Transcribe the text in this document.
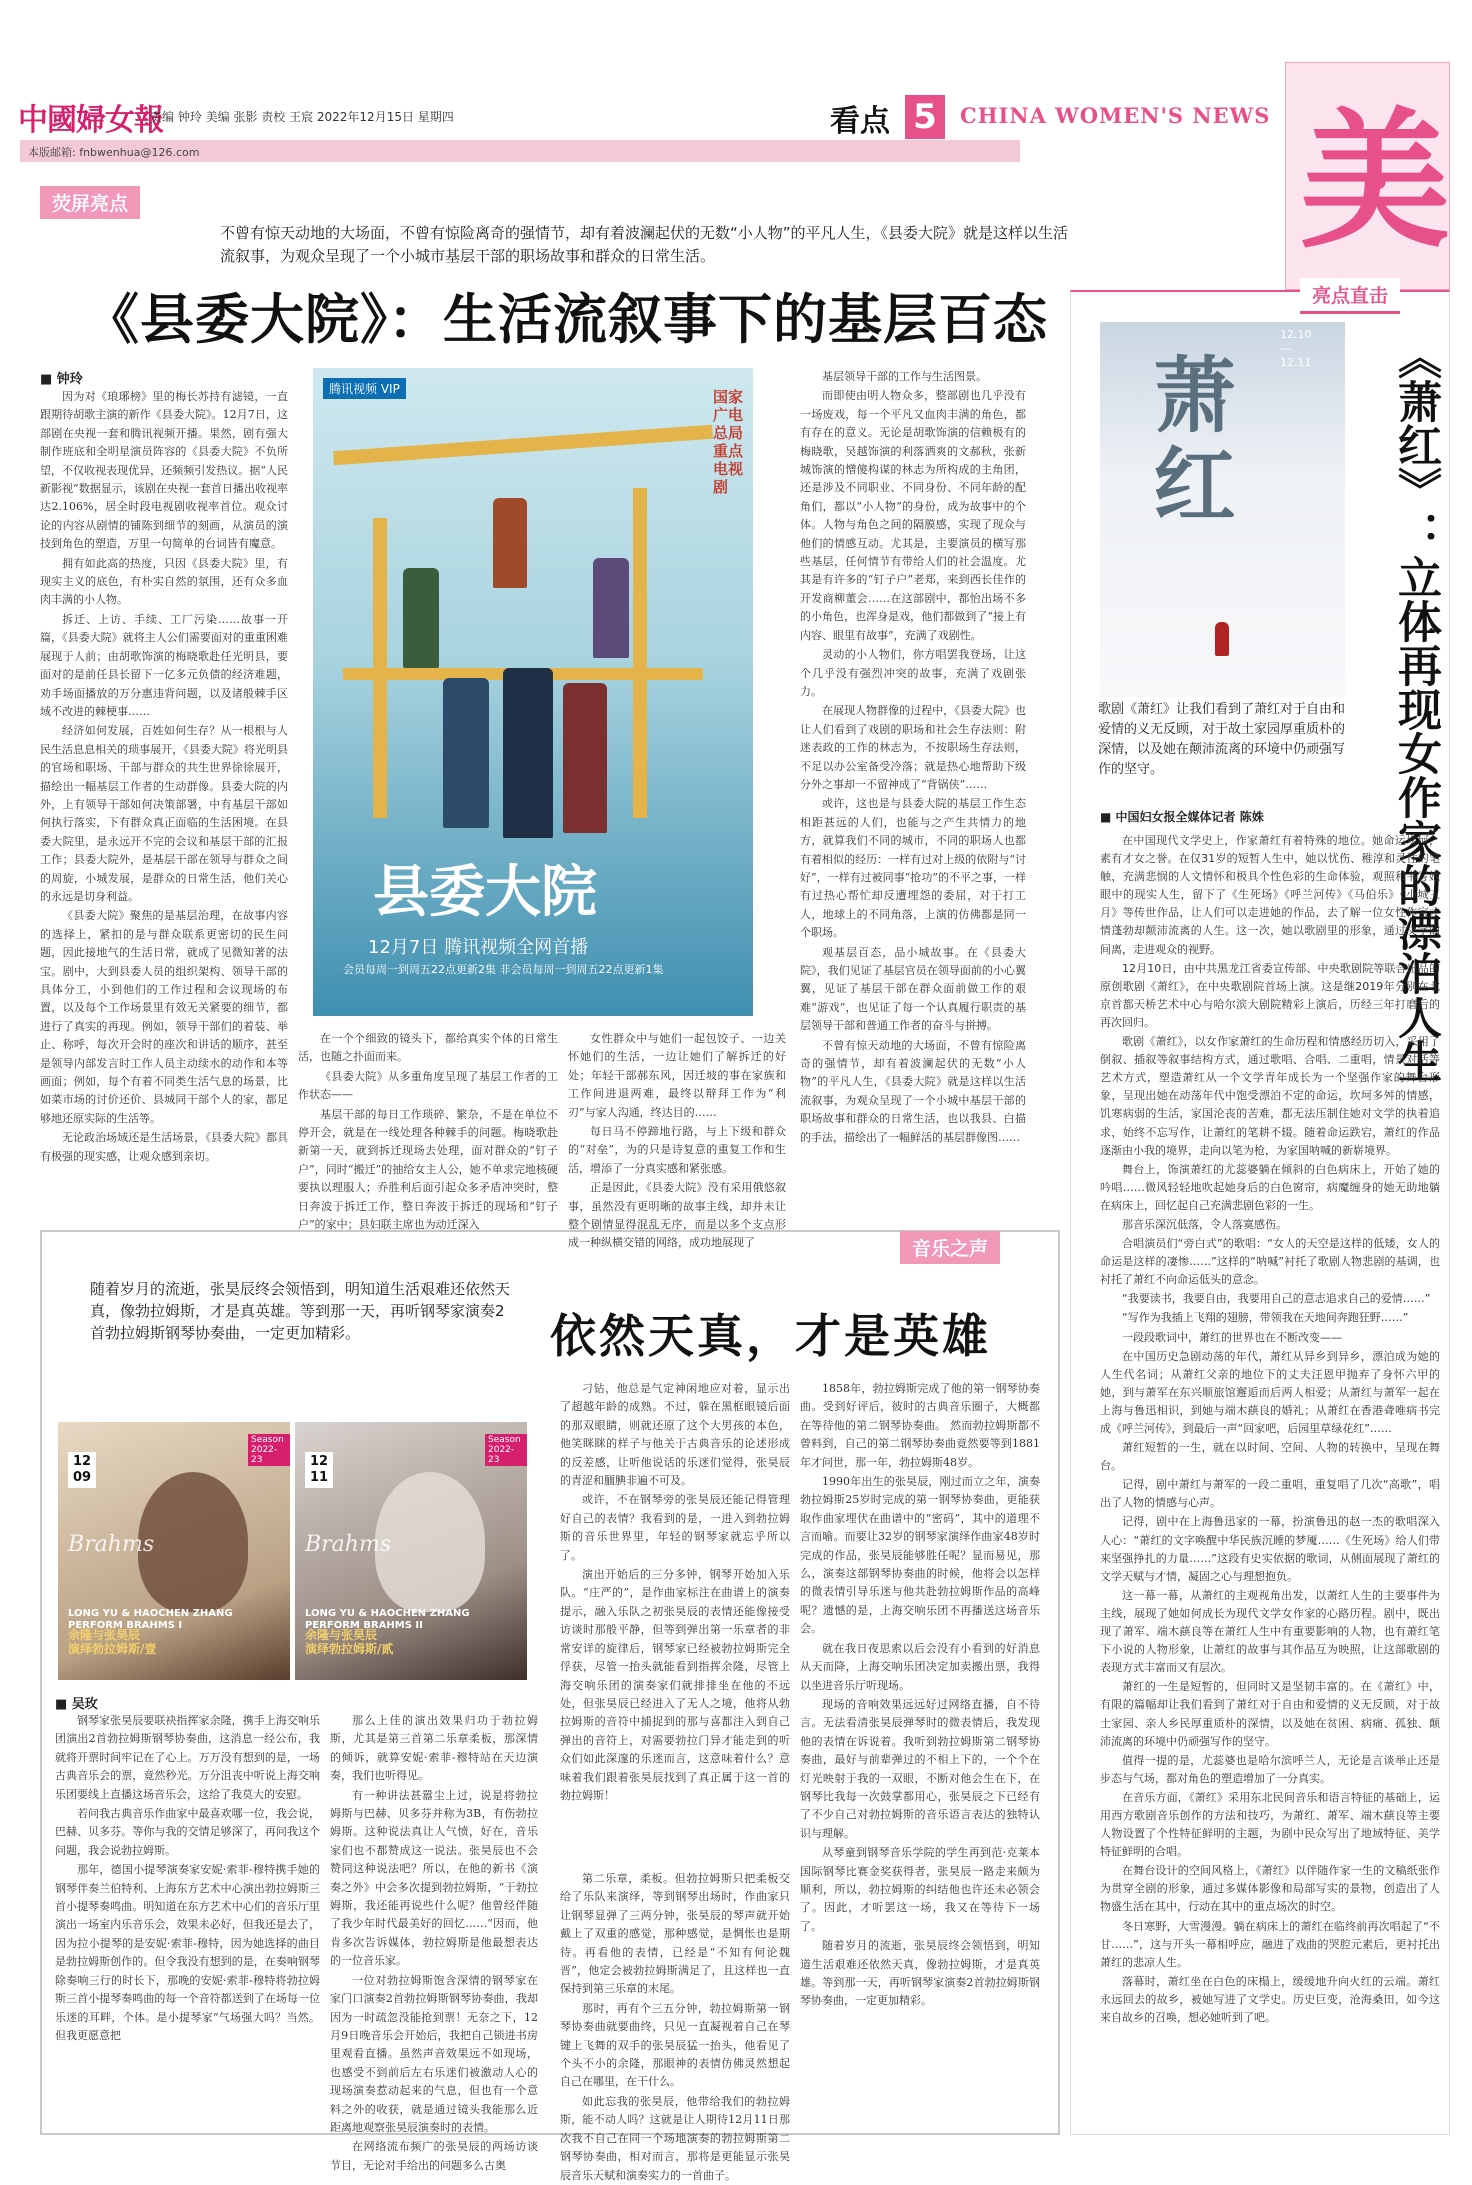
中國婦女報
责编 钟玲 美编 张影 责校 王宸 2022年12月15日 星期四	看点 5	CHINA WOMEN'S NEWS 美
本版邮箱: fnbwenhua@126.com
荧屏亮点
不曾有惊天动地的大场面，不曾有惊险离奇的强情节，却有着波澜起伏的无数“小人物”的平凡人生，《县委大院》就是这样以生活流叙事，为观众呈现了一个小城市基层干部的职场故事和群众的日常生活。
《县委大院》：生活流叙事下的基层百态
■ 钟玲

因为对《琅琊榜》里的梅长苏持有滤镜，一直跟期待胡歌主演的新作《县委大院》。12月7日，这部剧在央视一套和腾讯视频开播。果然，剧有强大制作班底和全明星演员阵容的《县委大院》不负所望，不仅收视表现优异，还频频引发热议。据“人民新影视”数据显示，该剧在央视一套首日播出收视率达2.106%，居全时段电视剧收视率首位。观众讨论的内容从剧情的铺陈到细节的刻画，从演员的演技到角色的塑造，万里一句简单的台词皆有魔意。

拥有如此高的热度，只因《县委大院》里，有现实主义的底色，有朴实自然的氛围，还有众多血肉丰满的小人物。

拆迁、上访、手续、工厂污染……故事一开篇，《县委大院》就将主人公们需要面对的重重困难展现于人前；由胡歌饰演的梅晓歌赴任光明县，要面对的是前任县长留下一亿多元负债的经济难题，劝手场面播放的万分惠违背问题，以及诸般棘手区域不改进的棘梗事……

经济如何发展，百姓如何生存？从一根根与人民生活息息相关的琐事展开，《县委大院》将光明县的官场和职场、干部与群众的共生世界徐徐展开，描绘出一幅基层工作者的生动群像。县委大院的内外，上有领导干部如何决策部署，中有基层干部如何执行落实，下有群众真正面临的生活困境。在县委大院里，是永远开不完的会议和基层干部的汇报工作；县委大院外，是基层干部在领导与群众之间的周旋，小城发展，是群众的日常生活，他们关心的永远是切身利益。

《县委大院》聚焦的是基层治理，在故事内容的选择上，紧扣的是与群众联系更密切的民生问题，因此接地气的生活日常，就成了见微知著的法宝。剧中，大到县委人员的组织架构、领导干部的具体分工，小到他们的工作过程和会议现场的布置，以及每个工作场景里有效无关紧要的细节，都进行了真实的再现。例如，领导干部们的着装、举止、称呼，每次开会时的座次和讲话的顺序，甚至是领导内部发言时工作人员主动续水的动作和本等画面；例如，每个有着不同类生活气息的场景，比如菜市场的讨价还价、县城同干部个人的家，都足够地还原实际的生活等。

无论政治场域还是生活场景，《县委大院》都具有极强的现实感，让观众感到亲切。

腾讯视频 VIP	国家广电总局重点电视剧
县委大院
12月7日 腾讯视频全网首播
会员每周一到周五22点更新2集 非会员每周一到周五22点更新1集

在一个个细致的镜头下，都给真实个体的日常生活，也随之扑面而来。

《县委大院》从多重角度呈现了基层工作者的工作状态——

基层干部的每日工作琐碎、繁杂，不是在单位不停开会，就是在一线处理各种棘手的问题。梅晓歌赴新第一天，就到拆迁现场去处理，面对群众的“钉子户”，同时“搬迁”的抽给女主人公，她不单求完地核硬要执以理服人；乔胜利后面引起众多矛盾冲突时，整日奔波于拆迁工作，整日奔波于拆迁的现场和“钉子户”的家中；县妇联主席也为动迁深入

女性群众中与她们一起包饺子、一边关怀她们的生活，一边让她们了解拆迁的好处；年轻干部郝东风，因迁坡的事在家族和工作间进退两难，最终以辩拜工作为“利刃”与家人沟通，终达目的……

每日马不停蹄地行路，与上下级和群众的“对垒”，为的只是诗复意的重复工作和生活，增添了一分真实感和紧张感。

正是因此，《县委大院》没有采用俄悠叙事，虽然没有更明晰的故事主线，却并未让整个剧情显得混乱无序，而是以多个支点形成一种纵横交错的网络，成功地展现了

基层领导干部的工作与生活图景。

而即使由明人物众多，整部剧也几乎没有一场废戏，每一个平凡又血肉丰满的角色，都有存在的意义。无论是胡歌饰演的信赖极有的梅晓歌，吴越饰演的利落洒爽的文郝秋，张新城饰演的憎傻构谋的林志为所构成的主角团，还是涉及不同职业、不同身份、不同年龄的配角们，都以“小人物”的身份，成为故事中的个体。人物与角色之间的隔膜感，实现了现众与他们的情感互动。尤其是，主要演员的横写那些基层，任何情节有带给人们的社会温度。尤其是有许多的“钉子户”老郑，来到西长佳作的开发商柳董会……在这部剧中，都怡出场不多的小角色，也浑身是戏，他们都做到了“接上有内容、眼里有故事”，充满了戏剧性。

灵动的小人物们，你方唱罢我登场，让这个几乎没有强烈冲突的故事，充满了戏剧张力。

在展现人物群像的过程中，《县委大院》也让人们看到了戏剧的职场和社会生存法则：附迷表政的工作的林志为，不按职场生存法则，不足以办公室备受冷落；就是热心地帮助下级分外之事却一不留神成了“背锅侠”……

或许，这也是与县委大院的基层工作生态相距甚远的人们，也能与之产生共情力的地方，就算我们不同的城市，不同的职场人也都有着相似的经历：一样有过对上级的依附与“讨好”，一样有过被同事“抢功”的不平之事，一样有过热心帮忙却反遭埋怨的委屈，对于打工人，地球上的不同角落，上演的仿佛都是同一个职场。

观基层百态，品小城故事。在《县委大院》，我们见证了基层官员在领导面前的小心翼翼，见证了基层干部在群众面前做工作的艰难“游戏”，也见证了每一个认真履行职责的基层领导干部和普通工作者的奋斗与拼搏。

不曾有惊天动地的大场面，不曾有惊险离奇的强情节，却有着波澜起伏的无数“小人物”的平凡人生，《县委大院》就是这样以生活流叙事，为观众呈现了一个小城中基层干部的职场故事和群众的日常生活，也以我县、白描的手法，描绘出了一幅鲜活的基层群像图……

音乐之声
随着岁月的流逝，张昊辰终会领悟到，明知道生活艰难还依然天真，像勃拉姆斯，才是真英雄。等到那一天，再听钢琴家演奏2首勃拉姆斯钢琴协奏曲，一定更加精彩。	依然天真，才是英雄
Season 2022-23
12
09
Brahms
LONG YU & HAOCHEN ZHANG
PERFORM BRAHMS I
余隆与张昊辰
演绎勃拉姆斯/壹
Season 2022-23
12
11
Brahms
LONG YU & HAOCHEN ZHANG
PERFORM BRAHMS II
余隆与张昊辰
演绎勃拉姆斯/贰
■ 吴玫

钢琴家张昊辰要联袂指挥家余隆，携手上海交响乐团演出2首勃拉姆斯钢琴协奏曲，这消息一经公布，我就将开票时间牢记在了心上。万万没有想到的是，一场古典音乐会的票，竟然秒光。万分沮丧中听说上海交响乐团要线上直播这场音乐会，这给了我莫大的安慰。

若问我古典音乐作曲家中最喜欢哪一位，我会说，巴赫、贝多芬。等你与我的交情足够深了，再问我这个问题，我会说勃拉姆斯。

那年，德国小提琴演奏家安妮·索菲-穆特携手她的钢琴伴奏兰伯特利、上海东方艺术中心演出勃拉姆斯三首小提琴奏鸣曲。明知道在东方艺术中心们的音乐厅里演出一场室内乐音乐会，效果未必好，但我还是去了，因为拉小提琴的是安妮·索菲-穆特，因为她选择的曲目是勃拉姆斯创作的。但令我没有想到的是，在奏响钢琴除奏响三行的时长下，那晚的安妮·索菲-穆特将勃拉姆斯三首小提琴奏鸣曲的每一个音符都送到了在场每一位乐迷的耳畔，个体。是小提琴家“气场强大吗？当然。但我更愿意把

那么上佳的演出效果归功于勃拉姆斯，尤其是第三首第二乐章柔板，那深情的倾诉，就算安妮·索菲-穆特站在天边演奏，我们也听得见。

有一种讲法甚嚣尘上过，说是将勃拉姆斯与巴赫、贝多芬并称为3B，有伤勃拉姆斯。这种说法真让人气愤，好在，音乐家们也不都赞成这一说法。张昊辰也不会赞同这种说法吧？所以，在他的新书《演奏之外》中会多次提到勃拉姆斯，“于勃拉姆斯，我还能再说些什么呢？他曾经伴随了我少年时代最美好的回忆……”因而，他肯多次告诉媒体，勃拉姆斯是他最想表达的一位音乐家。

一位对勃拉姆斯饱含深情的钢琴家在家门口演奏2首勃拉姆斯钢琴协奏曲，我却因为一时疏忽没能抢到票！无奈之下，12月9日晚音乐会开始后，我把自己锁进书房里观看直播。虽然声音效果远不如现场，也感受不到前后左右乐迷们被激动人心的现场演奏惹动起来的气息，但也有一个意料之外的收获，就是通过镜头我能那么近距离地观察张昊辰演奏时的表情。

在网络流布频广的张昊辰的两场访谈节目，无论对手给出的问题多么古奥

刁钻，他总是气定神闲地应对着，显示出了超越年龄的成熟。不过，躲在黑框眼镜后面的那双眼睛，则就还原了这个大男孩的本色，他笑眯眯的样子与他关于古典音乐的论述形成的反差感，让听他说话的乐迷们觉得，张昊辰的青涩和腼腆非遍不可及。

或许，不在钢琴旁的张昊辰还能记得管理好自己的表情？我看到的是，一进入到勃拉姆斯的音乐世界里，年轻的钢琴家就忘乎所以了。

演出开始后的三分多钟，钢琴开始加入乐队。“庄严的”，是作曲家标注在曲谱上的演奏提示，融入乐队之初张昊辰的表情还能像接受访谈时那般平静，但等到弹出第一乐章者的非常安详的旋律后，钢琴家已经被勃拉姆斯完全俘获，尽管一抬头就能看到指挥余隆，尽管上海交响乐团的演奏家们就排排坐在他的不远处，但张昊辰已经进入了无人之境，他将从勃拉姆斯的音符中捕捉到的那与喜都注入到自己弹出的音符上，对需要勃拉门异才能走到的听众们如此深邃的乐迷而言，这意味着什么？意味着我们跟着张昊辰找到了真正属于这一首的勃拉姆斯！

1858年，勃拉姆斯完成了他的第一钢琴协奏曲。受到好评后，彼时的古典音乐圈子，大概都在等待他的第二钢琴协奏曲。 然而勃拉姆斯都不曾料到，自己的第二钢琴协奏曲竟然要等到1881年才问世，那一年，勃拉姆斯48岁。

1990年出生的张昊辰，刚过而立之年，演奏勃拉姆斯25岁时完成的第一钢琴协奏曲，更能获取作曲家埋伏在曲谱中的“密码”，其中的道理不言而喻。而要让32岁的钢琴家演绎作曲家48岁时完成的作品，张昊辰能够胜任呢？显而易见，那么，演奏这部钢琴协奏曲的时候，他将会以怎样的微表情引导乐迷与他共赴勃拉姆斯作品的高峰呢？遗憾的是，上海交响乐团不再播送这场音乐会。

就在我日夜思索以后会没有小看到的好消息从天而降，上海交响乐团决定加卖搬出票，我得以坐进音乐厅听现场。

现场的音响效果远远好过网络直播，自不待言。无法看清张昊辰弹琴时的微表情后，我发现他的表情在诉说着。我听到勃拉姆斯第二钢琴协奏曲，最好与前辈弹过的不相上下的，一个个在灯光映射于我的一双眼，不断对他会生在下，在钢琴比我每一次鼓掌都用心，张昊辰之下已经有了不少自己对勃拉姆斯的音乐语言表达的独特认识与理解。

从琴童到钢琴音乐学院的学生再到范·克莱本国际钢琴比赛金奖获得者，张昊辰一路走来颇为顺利，所以，勃拉姆斯的纠结他也许还未必领会了。因此，才听罢这一场，我又在等待下一场了。

随着岁月的流逝，张昊辰终会领悟到，明知道生活艰难还依然天真，像勃拉姆斯，才是真英雄。等到那一天，再听钢琴家演奏2首勃拉姆斯钢琴协奏曲，一定更加精彩。

第二乐章，柔板。但勃拉姆斯只把柔板交给了乐队来演绎，等到钢琴出场时，作曲家只让钢琴显弹了三两分钟，张昊辰的琴声就开始戴上了双重的感觉，那种感觉，是惆怅也是期待。再看他的表情，已经是“不知有何论魏晋”，他定会被勃拉姆斯满足了，且这样也一直保持到第三乐章的末尾。

那时，再有个三五分钟，勃拉姆斯第一钢琴协奏曲就要曲终，只见一直凝视着自己在琴键上飞舞的双手的张昊辰猛一抬头，他看见了个头不小的余隆，那眼神的表情仿佛灵然想起自己在哪里，在干什么。

如此忘我的张昊辰，他带给我们的勃拉姆斯，能不动人吗？这就是让人期待12月11日那次我不自己在同一个场地演奏的勃拉姆斯第二钢琴协奏曲，相对而言，那将是更能显示张昊辰音乐天赋和演奏实力的一首曲子。

亮点直击
萧红
12.10
—
12.11
歌剧《萧红》让我们看到了萧红对于自由和爱情的义无反顾，对于故土家园厚重质朴的深情，以及她在颠沛流离的环境中仍顽强写作的坚守。	《萧红》：立体再现女作家的漂泊人生
■ 中国妇女报全媒体记者 陈姝

在中国现代文学史上，作家萧红有着特殊的地位。她命运坎坷，素有才女之誉。在仅31岁的短暂人生中，她以忧伤、稚淳和灵性的笔触，充满悲悯的人文情怀和极具个性色彩的生命体验，观照和书写她眼中的现实人生，留下了《生死场》《呼兰河传》《马伯乐》《小城三月》等传世作品，让人们可以走进她的作品，去了解一位女性作家才情蓬勃却颠沛流离的人生。这一次，她以歌剧里的形象，通过文字的间离，走进观众的视野。

12月10日，由中共黑龙江省委宣传部、中央歌剧院等联合出品的原创歌剧《萧红》，在中央歌剧院首场上演。这是继2019年分别在北京首都天桥艺术中心与哈尔滨大剧院精彩上演后，历经三年打磨后的再次回归。

歌剧《萧红》，以女作家萧红的生命历程和情感经历切入，采用了倒叙、插叙等叙事结构方式，通过歌唱、合唱、二重唱，情景对话等艺术方式，塑造萧红从一个文学青年成长为一个坚强作家的舞台形象，呈现出她在动荡年代中饱受漂泊不定的命运，坎坷多舛的情感，饥寒病弱的生活，家国沦丧的苦难，都无法压制住她对文学的执着追求，始终不忘写作，让萧红的笔耕不辍。随着命运跌宕，萧红的作品逐渐由小我的境界，走向以笔为枪，为家国呐喊的新崭境界。

舞台上，饰演萧红的尤蕊婆躺在倾斜的白色病床上，开始了她的吟唱……微风轻轻地吹起她身后的白色窗帘，病魔缠身的她无助地躺在病床上，回忆起自己充满悲剧色彩的一生。

那音乐深沉低落，令人落寞感伤。

合唱演员们“旁白式”的歌唱：“女人的天空是这样的低矮，女人的命运是这样的凄惨……”这样的“呐喊”衬托了歌剧人物悲剧的基调，也衬托了萧红不向命运低头的意念。

“我要读书，我要自由，我要用自己的意志追求自己的爱情……”

“写作为我插上飞翔的翅膀，带领我在天地间奔跑狂野……”

一段段歌词中，萧红的世界也在不断改变——

在中国历史急剧动荡的年代，萧红从异乡到异乡，漂泊成为她的人生代名词；从萧红父亲的地位下的丈夫汪恩甲抛弃了身怀六甲的她，到与萧军在东兴顺旅馆邂逅而后两人相爱；从萧红与萧军一起在上海与鲁迅相识，到她与端木蕻良的婚礼；从萧红在香港聋唯病书完成《呼兰河传》，到最后一声“回家吧，后园里草绿花红”……

萧红短暂的一生，就在以时间、空间、人物的转换中，呈现在舞台。

记得，剧中萧红与萧军的一段二重唱，重复唱了几次“高歌”，唱出了人物的情感与心声。

记得，剧中在上海鲁迅家的一幕，扮演鲁迅的赵一杰的歌唱深入人心：“萧红的文字唤醒中华民族沉睡的梦魇……《生死场》给人们带来坚强挣扎的力量……”这段有史实依据的歌词，从侧面展现了萧红的文学天赋与才情，凝固之心与理想抱负。

这一幕一幕，从萧红的主观视角出发，以萧红人生的主要事件为主线，展现了她如何成长为现代文学女作家的心路历程。剧中，既出现了萧军、端木蕻良等在萧红人生中有重要影响的人物，也有萧红笔下小说的人物形象，让萧红的故事与其作品互为映照，让这部歌剧的表现方式丰富而又有层次。

萧红的一生是短暂的，但同时又是坚韧丰富的。在《萧红》中，有限的篇幅却让我们看到了萧红对于自由和爱情的义无反顾，对于故土家园、亲人乡民厚重质朴的深情，以及她在贫困、病痛、孤独、颠沛流离的环境中仍顽强写作的坚守。

值得一提的是，尤蕊婆也是哈尔滨呼兰人，无论是言谈举止还是步态与气场，都对角色的塑造增加了一分真实。

在音乐方面，《萧红》采用东北民间音乐和语言特征的基础上，运用西方歌剧音乐创作的方法和技巧，为萧红、萧军、端木蕻良等主要人物设置了个性特征鲜明的主题，为剧中民众写出了地域特征、美学特征鲜明的合唱。

在舞台设计的空间风格上，《萧红》以伴随作家一生的文稿纸张作为贯穿全剧的形象，通过多媒体影像和局部写实的景物，创造出了人物盛生活在其中，行动在其中的重点场次的时空。

冬日寒野，大雪漫漫。躺在病床上的萧红在临终前再次唱起了“不甘……”，这与开头一幕相呼应，融进了戏曲的哭腔元素后，更衬托出萧红的悲凉人生。

落幕时，萧红坐在白色的床榻上，缓缓地升向火红的云端。萧红永远回去的故乡，被她写进了文学史。历史巨变，沧海桑田，如今这来自故乡的召唤，想必她听到了吧。
